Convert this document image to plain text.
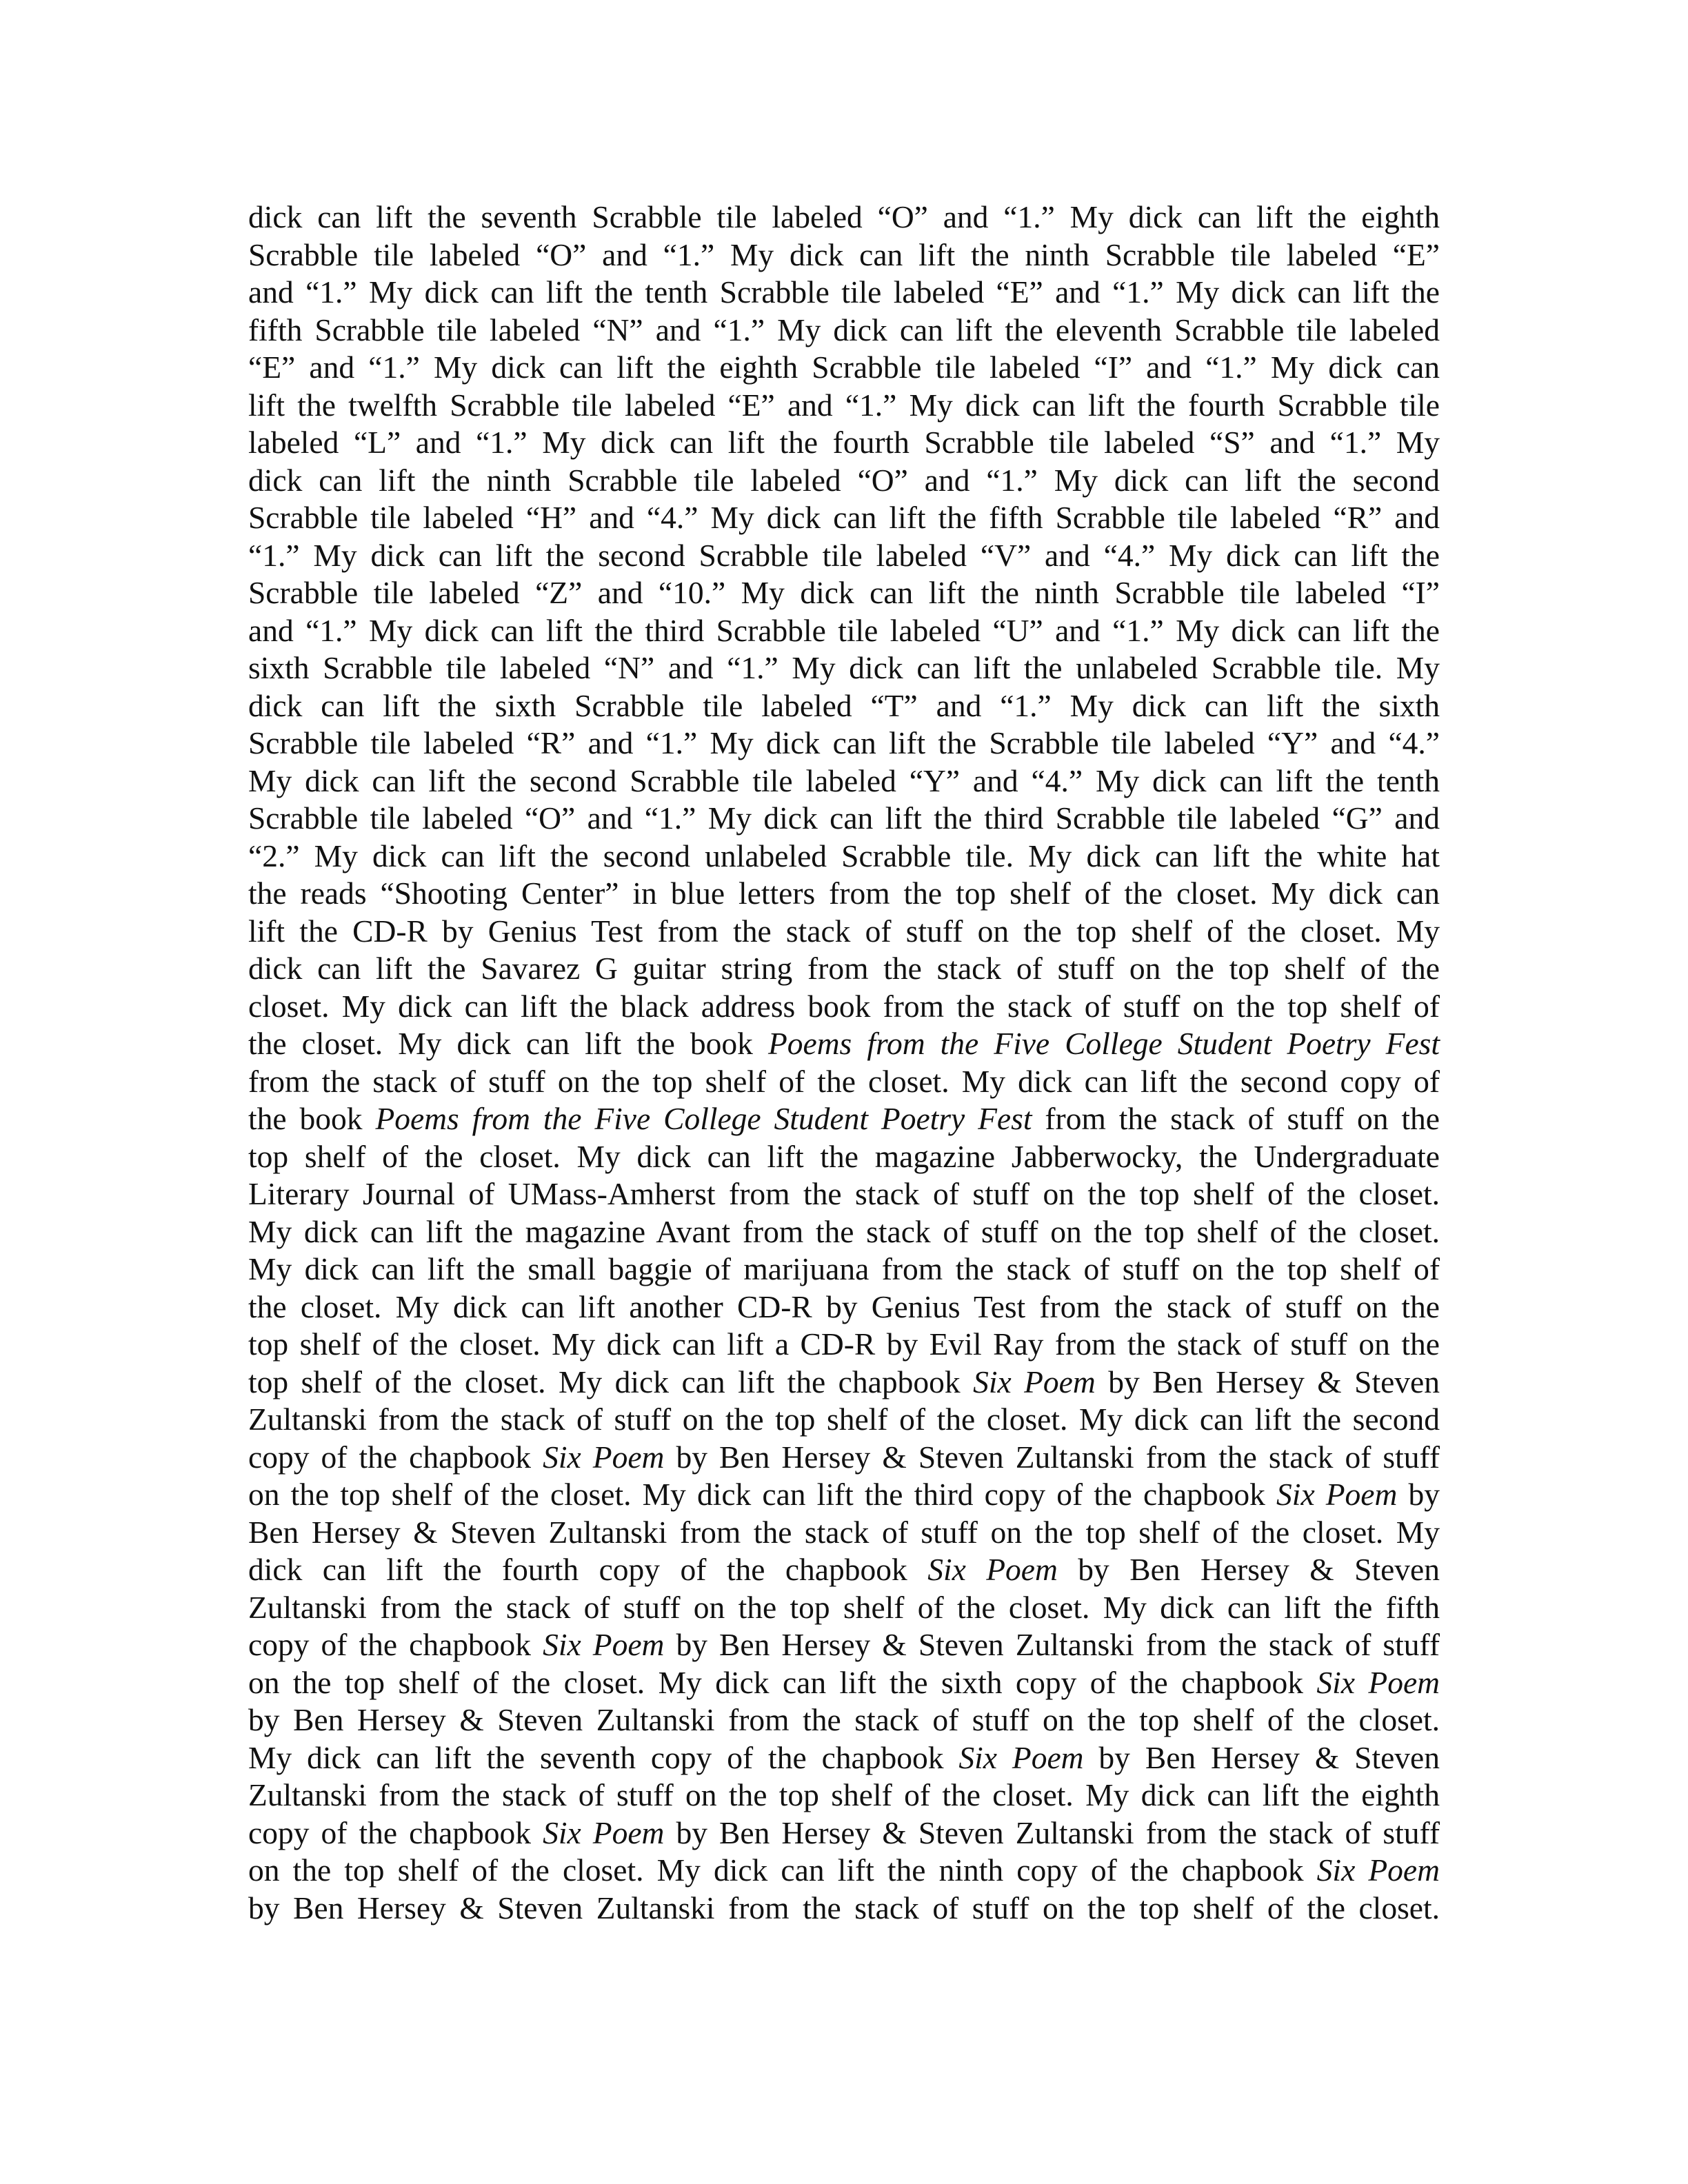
dick can lift the seventh Scrabble tile labeled “O” and “1.” My dick can lift the eighth
Scrabble tile labeled “O” and “1.” My dick can lift the ninth Scrabble tile labeled “E”
and “1.” My dick can lift the tenth Scrabble tile labeled “E” and “1.” My dick can lift the
fifth Scrabble tile labeled “N” and “1.” My dick can lift the eleventh Scrabble tile labeled
“E” and “1.” My dick can lift the eighth Scrabble tile labeled “I” and “1.” My dick can
lift the twelfth Scrabble tile labeled “E” and “1.” My dick can lift the fourth Scrabble tile
labeled “L” and “1.” My dick can lift the fourth Scrabble tile labeled “S” and “1.” My
dick can lift the ninth Scrabble tile labeled “O” and “1.” My dick can lift the second
Scrabble tile labeled “H” and “4.” My dick can lift the fifth Scrabble tile labeled “R” and
“1.” My dick can lift the second Scrabble tile labeled “V” and “4.” My dick can lift the
Scrabble tile labeled “Z” and “10.” My dick can lift the ninth Scrabble tile labeled “I”
and “1.” My dick can lift the third Scrabble tile labeled “U” and “1.” My dick can lift the
sixth Scrabble tile labeled “N” and “1.” My dick can lift the unlabeled Scrabble tile. My
dick can lift the sixth Scrabble tile labeled “T” and “1.” My dick can lift the sixth
Scrabble tile labeled “R” and “1.” My dick can lift the Scrabble tile labeled “Y” and “4.”
My dick can lift the second Scrabble tile labeled “Y” and “4.” My dick can lift the tenth
Scrabble tile labeled “O” and “1.” My dick can lift the third Scrabble tile labeled “G” and
“2.” My dick can lift the second unlabeled Scrabble tile. My dick can lift the white hat
the reads “Shooting Center” in blue letters from the top shelf of the closet. My dick can
lift the CD-R by Genius Test from the stack of stuff on the top shelf of the closet. My
dick can lift the Savarez G guitar string from the stack of stuff on the top shelf of the
closet. My dick can lift the black address book from the stack of stuff on the top shelf of
the closet. My dick can lift the book Poems from the Five College Student Poetry Fest
from the stack of stuff on the top shelf of the closet. My dick can lift the second copy of
the book Poems from the Five College Student Poetry Fest from the stack of stuff on the
top shelf of the closet. My dick can lift the magazine Jabberwocky, the Undergraduate
Literary Journal of UMass-Amherst from the stack of stuff on the top shelf of the closet.
My dick can lift the magazine Avant from the stack of stuff on the top shelf of the closet.
My dick can lift the small baggie of marijuana from the stack of stuff on the top shelf of
the closet. My dick can lift another CD-R by Genius Test from the stack of stuff on the
top shelf of the closet. My dick can lift a CD-R by Evil Ray from the stack of stuff on the
top shelf of the closet. My dick can lift the chapbook Six Poem by Ben Hersey & Steven
Zultanski from the stack of stuff on the top shelf of the closet. My dick can lift the second
copy of the chapbook Six Poem by Ben Hersey & Steven Zultanski from the stack of stuff
on the top shelf of the closet. My dick can lift the third copy of the chapbook Six Poem by
Ben Hersey & Steven Zultanski from the stack of stuff on the top shelf of the closet. My
dick can lift the fourth copy of the chapbook Six Poem by Ben Hersey & Steven
Zultanski from the stack of stuff on the top shelf of the closet. My dick can lift the fifth
copy of the chapbook Six Poem by Ben Hersey & Steven Zultanski from the stack of stuff
on the top shelf of the closet. My dick can lift the sixth copy of the chapbook Six Poem
by Ben Hersey & Steven Zultanski from the stack of stuff on the top shelf of the closet.
My dick can lift the seventh copy of the chapbook Six Poem by Ben Hersey & Steven
Zultanski from the stack of stuff on the top shelf of the closet. My dick can lift the eighth
copy of the chapbook Six Poem by Ben Hersey & Steven Zultanski from the stack of stuff
on the top shelf of the closet. My dick can lift the ninth copy of the chapbook Six Poem
by Ben Hersey & Steven Zultanski from the stack of stuff on the top shelf of the closet.
